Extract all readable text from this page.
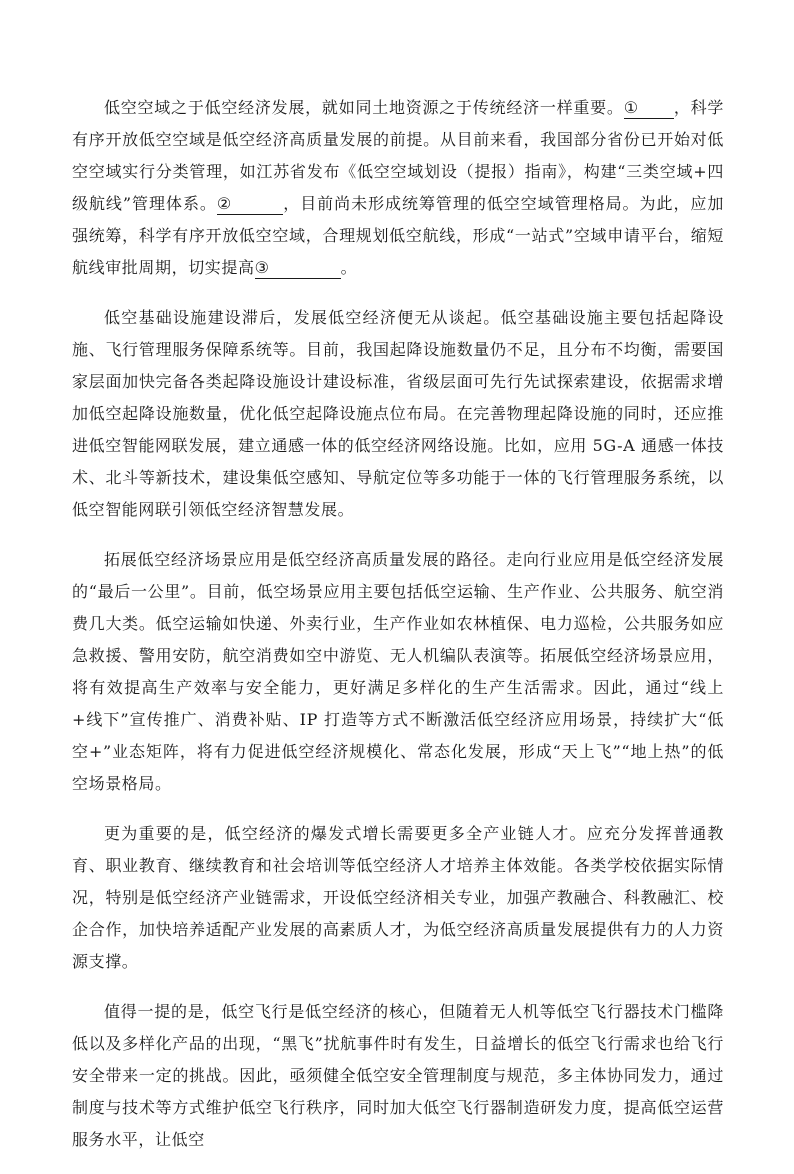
低空空域之于低空经济发展，就如同土地资源之于传统经济一样重要。① ，科学有序开放低空空域是低空经济高质量发展的前提。从目前来看，我国部分省份已开始对低空空域实行分类管理，如江苏省发布《低空空域划设（提报）指南》，构建“三类空域+四级航线”管理体系。②	，目前尚未形成统筹管理的低空空域管理格局。为此，应加强统筹，科学有序开放低空空域，合理规划低空航线，形成“一站式”空域申请平台，缩短航线审批周期，切实提高③	。

低空基础设施建设滞后，发展低空经济便无从谈起。低空基础设施主要包括起降设施、飞行管理服务保障系统等。目前，我国起降设施数量仍不足，且分布不均衡，需要国家层面加快完备各类起降设施设计建设标准，省级层面可先行先试探索建设，依据需求增加低空起降设施数量，优化低空起降设施点位布局。在完善物理起降设施的同时，还应推进低空智能网联发展，建立通感一体的低空经济网络设施。比如，应用 5G-A 通感一体技术、北斗等新技术，建设集低空感知、导航定位等多功能于一体的飞行管理服务系统，以低空智能网联引领低空经济智慧发展。

拓展低空经济场景应用是低空经济高质量发展的路径。走向行业应用是低空经济发展的“最后一公里”。目前，低空场景应用主要包括低空运输、生产作业、公共服务、航空消费几大类。低空运输如快递、外卖行业，生产作业如农林植保、电力巡检，公共服务如应急救援、警用安防，航空消费如空中游览、无人机编队表演等。拓展低空经济场景应用，将有效提高生产效率与安全能力，更好满足多样化的生产生活需求。因此，通过“线上+线下”宣传推广、消费补贴、IP 打造等方式不断激活低空经济应用场景，持续扩大“低空+”业态矩阵，将有力促进低空经济规模化、常态化发展，形成“天上飞”“地上热”的低空场景格局。

更为重要的是，低空经济的爆发式增长需要更多全产业链人才。应充分发挥普通教育、职业教育、继续教育和社会培训等低空经济人才培养主体效能。各类学校依据实际情况，特别是低空经济产业链需求，开设低空经济相关专业，加强产教融合、科教融汇、校企合作，加快培养适配产业发展的高素质人才，为低空经济高质量发展提供有力的人力资源支撑。

值得一提的是，低空飞行是低空经济的核心，但随着无人机等低空飞行器技术门槛降低以及多样化产品的出现，“黑飞”扰航事件时有发生，日益增长的低空飞行需求也给飞行安全带来一定的挑战。因此，亟须健全低空安全管理制度与规范，多主体协同发力，通过制度与技术等方式维护低空飞行秩序，同时加大低空飞行器制造研发力度，提高低空运营服务水平，让低空
